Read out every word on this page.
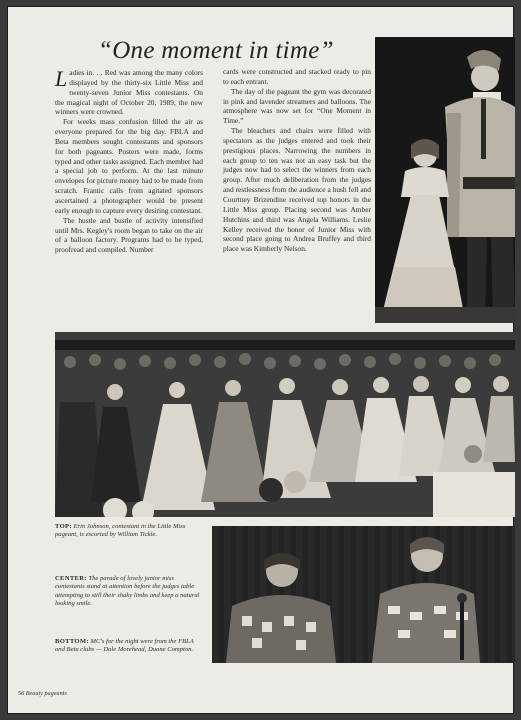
“One moment in time”

Ladies in. . . Red was among the many colors displayed by the thirty-six Little Miss and twenty-seven Junior Miss contestants. On the magical night of October 20, 1989, the new winners were crowned.

For weeks mass confusion filled the air as everyone prepared for the big day. FBLA and Beta members sought contestants and sponsors for both pageants. Posters were made, forms typed and other tasks assigned. Each member had a special job to perform. At the last minute envelopes for picture money had to be made from scratch. Frantic calls from agitated sponsors ascertained a photographer would be present early enough to capture every desiring contestant.

The hustle and bustle of activity intensified until Mrs. Kegley's room began to take on the air of a balloon factory. Programs had to be typed, proofread and compiled. Number

cards were constructed and stacked ready to pin to each entrant.

The day of the pageant the gym was decorated in pink and lavender streamers and balloons. The atmosphere was now set for “One Moment in Time.”

The bleachers and chairs were filled with spectators as the judges entered and took their prestigious places. Narrowing the numbers in each group to ten was not an easy task but the judges now had to select the winners from each group. After much deliberation from the judges and restlessness from the audience a hush fell and Courtney Brizendine received top honors in the Little Miss group. Placing second was Amber Hutchins and third was Angela Williams. Leslie Kelley received the honor of Junior Miss with second place going to Andrea Bruffey and third place was Kimberly Nelson.

TOP: Erin Johnson, contestant in the Little Miss pageant, is escorted by William Tickle.

CENTER: The parade of lovely junior miss contestants stand at attention before the judges table attempting to still their shaky limbs and keep a natural looking smile.

BOTTOM: MC's for the night were from the FBLA and Beta clubs — Dale Morehead, Duane Compton.

56 Beauty pageants
